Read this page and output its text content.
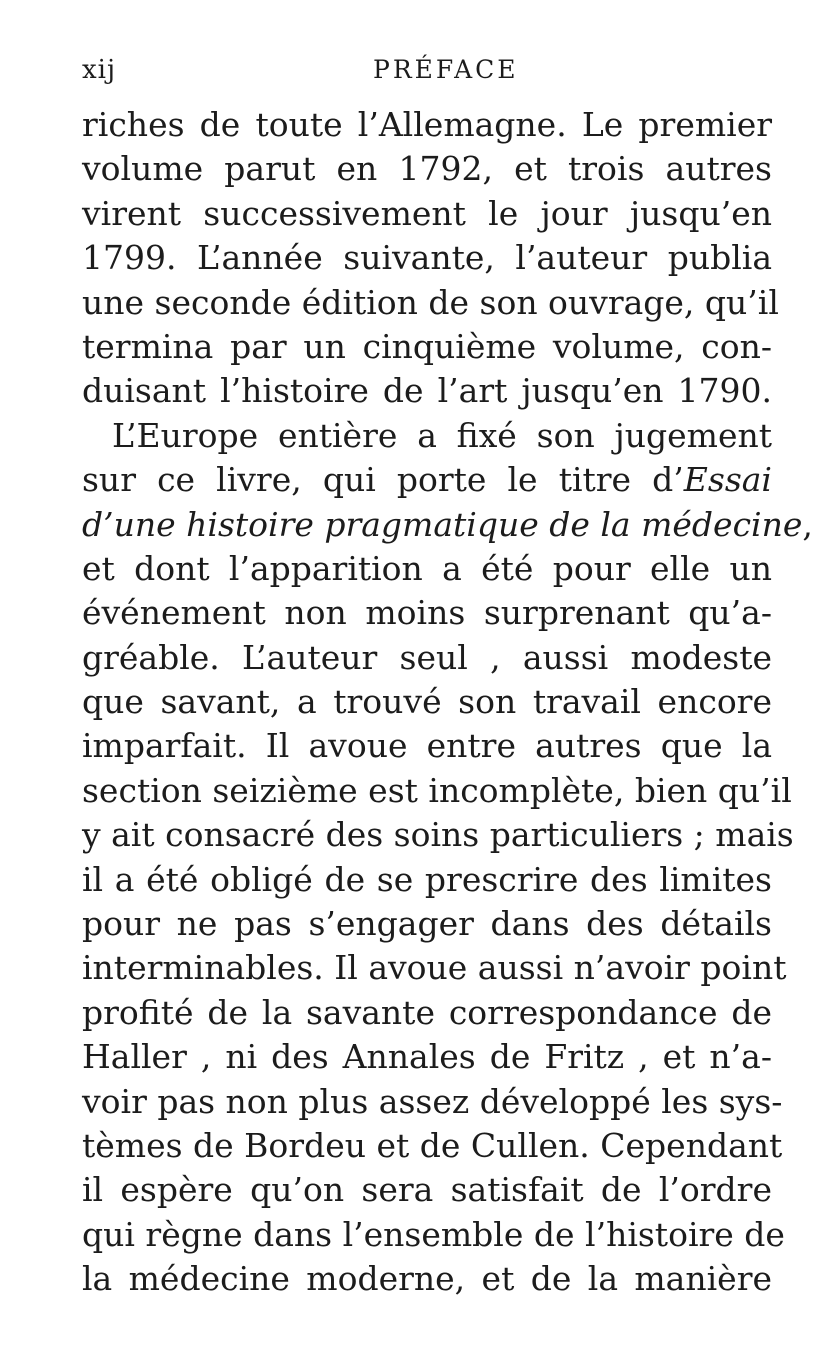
xij	PRÉFACE
riches de toute l’Allemagne. Le premier
volume parut en 1792, et trois autres
virent successivement le jour jusqu’en
1799. L’année suivante, l’auteur publia
une seconde édition de son ouvrage, qu’il
termina par un cinquième volume, con-
duisant l’histoire de l’art jusqu’en 1790.
L’Europe entière a fixé son jugement
sur ce livre, qui porte le titre d’Essai
d’une histoire pragmatique de la médecine,
et dont l’apparition a été pour elle un
événement non moins surprenant qu’a-
gréable. L’auteur seul , aussi modeste
que savant, a trouvé son travail encore
imparfait. Il avoue entre autres que la
section seizième est incomplète, bien qu’il
y ait consacré des soins particuliers ; mais
il a été obligé de se prescrire des limites
pour ne pas s’engager dans des détails
interminables. Il avoue aussi n’avoir point
profité de la savante correspondance de
Haller , ni des Annales de Fritz , et n’a-
voir pas non plus assez développé les sys-
tèmes de Bordeu et de Cullen. Cependant
il espère qu’on sera satisfait de l’ordre
qui règne dans l’ensemble de l’histoire de
la médecine moderne, et de la manière
